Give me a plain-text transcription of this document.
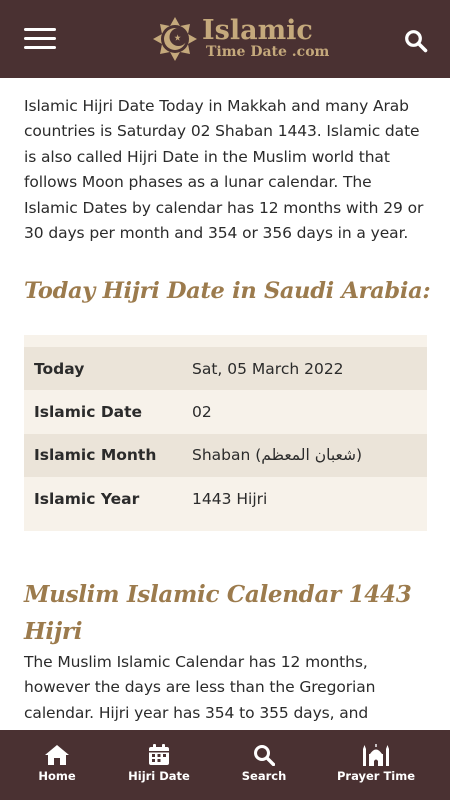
Islamic
Time Date .com

Islamic Hijri Date Today in Makkah and many Arab countries is Saturday 02 Shaban 1443. Islamic date is also called Hijri Date in the Muslim world that follows Moon phases as a lunar calendar. The Islamic Dates by calendar has 12 months with 29 or 30 days per month and 354 or 356 days in a year.

Today Hijri Date in Saudi Arabia:
Today	Sat, 05 March 2022
Islamic Date	02
Islamic Month	Shaban (شعبان المعظم)
Islamic Year	1443 Hijri
Muslim Islamic Calendar 1443 Hijri

The Muslim Islamic Calendar has 12 months, however the days are less than the Gregorian calendar. Hijri year has 354 to 355 days, and

Home	Hijri Date	Search	Prayer Time
